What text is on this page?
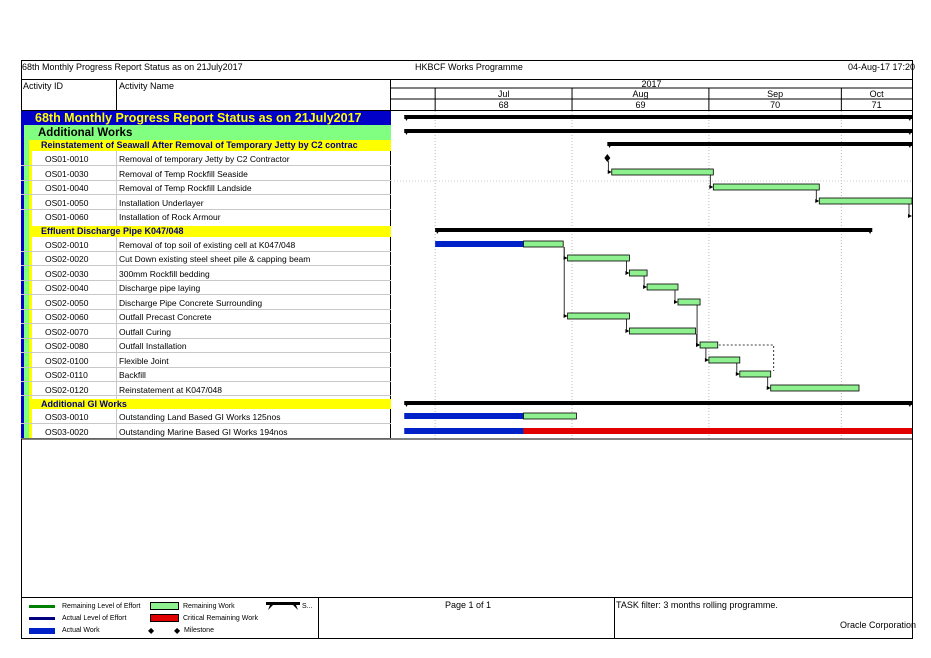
68th Monthly Progress Report Status as on 21July2017	HKBCF Works Programme	04-Aug-17 17:20
Activity ID	Activity Name
68th Monthly Progress Report Status as on 21July2017
Additional Works
Reinstatement of Seawall After Removal of Temporary Jetty by C2 contrac
Effluent Discharge Pipe K047/048
Additional GI Works
OS01-0010	Removal of temporary Jetty by C2 Contractor
OS01-0030	Removal of Temp Rockfill Seaside
OS01-0040	Removal of Temp Rockfill Landside
OS01-0050	Installation Underlayer
OS01-0060	Installation of Rock Armour
OS02-0010	Removal of top soil of existing cell at K047/048
OS02-0020	Cut Down existing steel sheet pile & capping beam
OS02-0030	300mm Rockfill bedding
OS02-0040	Discharge pipe laying
OS02-0050	Discharge Pipe Concrete Surrounding
OS02-0060	Outfall Precast Concrete
OS02-0070	Outfall Curing
OS02-0080	Outfall Installation
OS02-0100	Flexible Joint
OS02-0110	Backfill
OS02-0120	Reinstatement at K047/048
OS03-0010	Outstanding Land Based GI Works 125nos
OS03-0020	Outstanding Marine Based GI Works 194nos
2017
Jul
68
Aug
69
Sep
70
Oct
71
Remaining Level of Effort
Actual Level of Effort
Actual Work
Remaining Work
Critical Remaining Work
◆ ◆ Milestone
S...	Page 1 of 1	TASK filter: 3 months rolling programme.
Oracle Corporation
